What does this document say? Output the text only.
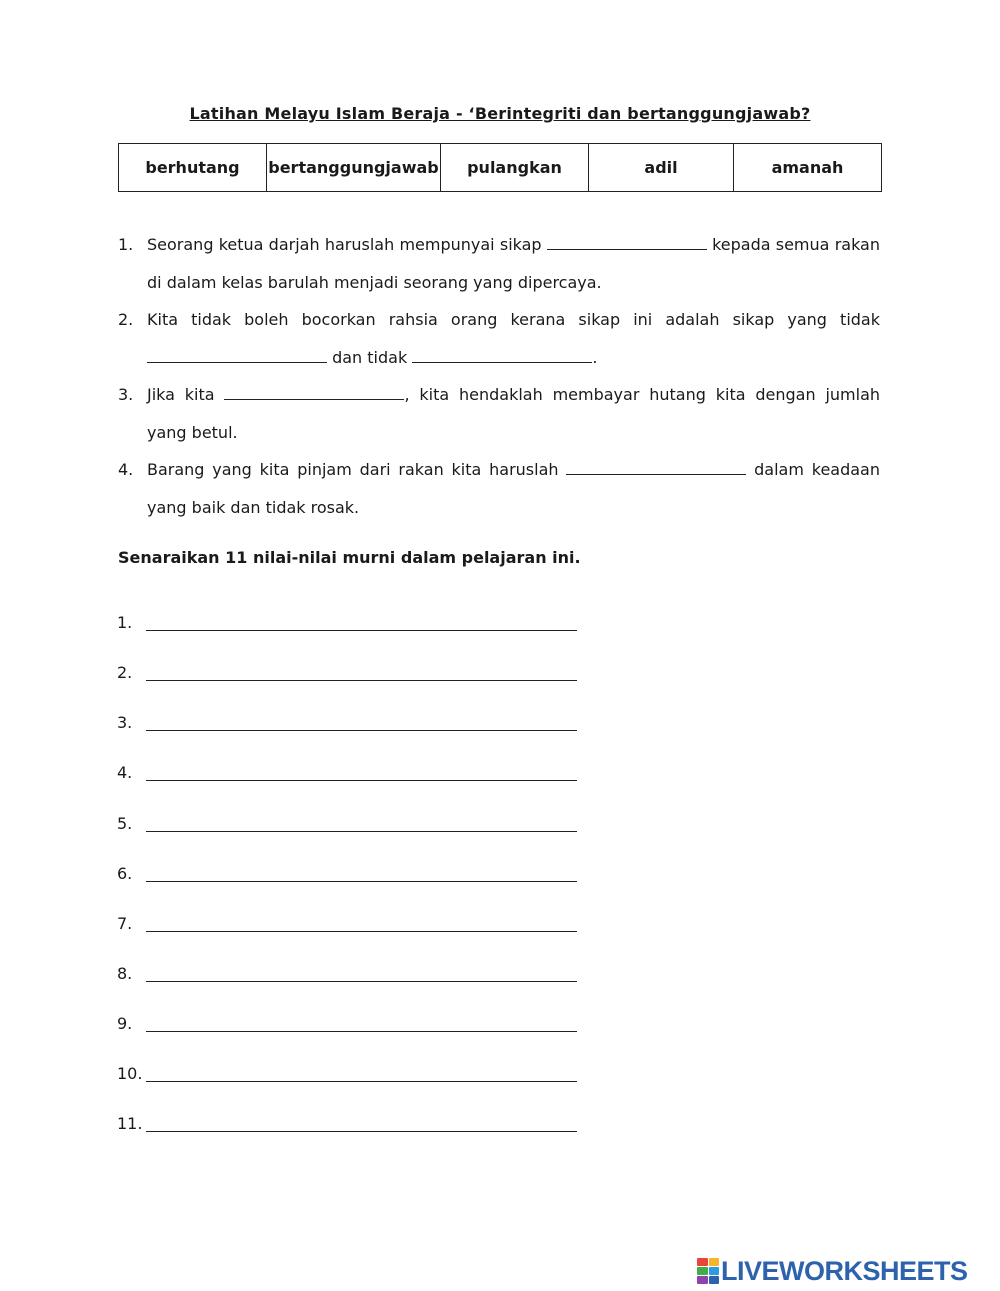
Latihan Melayu Islam Beraja - ‘Berintegriti dan bertanggungjawab?
berhutang	bertanggungjawab	pulangkan	adil	amanah
1. Seorang ketua darjah haruslah mempunyai sikap	kepada semua rakan di dalam kelas barulah menjadi seorang yang dipercaya.
2. Kita tidak boleh bocorkan rahsia orang kerana sikap ini adalah sikap yang tidak  dan tidak	.
3. Jika kita	, kita hendaklah membayar hutang kita dengan jumlah yang betul.
4. Barang yang kita pinjam dari rakan kita haruslah	dalam keadaan yang baik dan tidak rosak.
Senaraikan 11 nilai-nilai murni dalam pelajaran ini.
1.
2.
3.
4.
5.
6.
7.
8.
9.
10.
11.
LIVEWORKSHEETS
